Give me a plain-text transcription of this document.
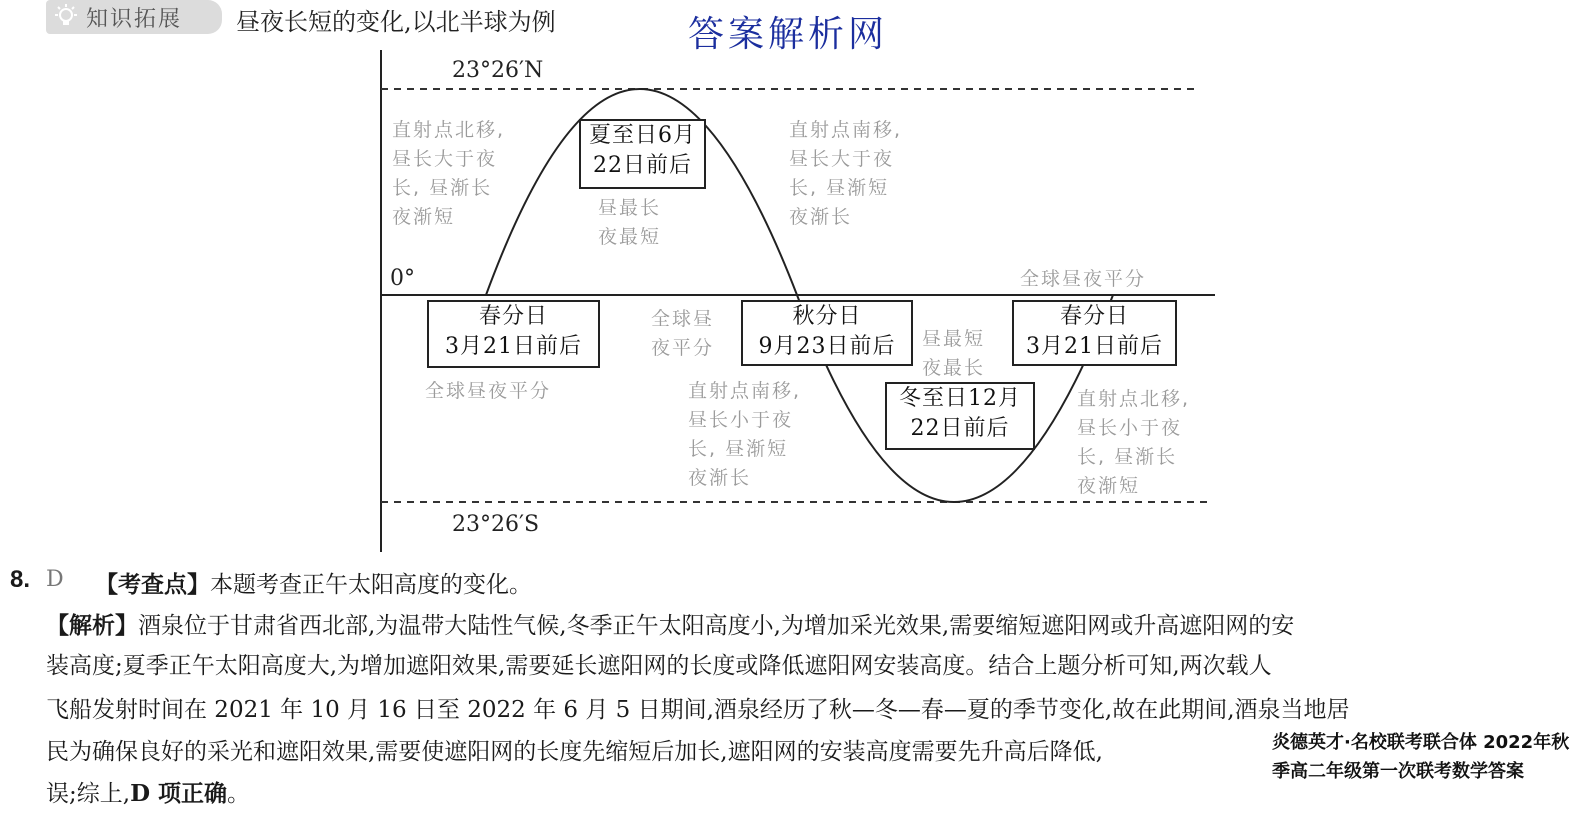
知识拓展 昼夜长短的变化,以北半球为例	答案解析网
23°26′N
0°
23°26′S
夏至日6月
22日前后
春分日
3月21日前后
秋分日
9月23日前后
冬至日12月
22日前后
春分日
3月21日前后
直射点北移,
昼长大于夜
长, 昼渐长
夜渐短	昼最长
夜最短
直射点南移,
昼长大于夜
长, 昼渐短
夜渐长
全球昼夜平分
全球昼夜平分
全球昼
夜平分	昼最短
夜最长
直射点南移,
昼长小于夜
长, 昼渐短
夜渐长
直射点北移,
昼长小于夜
长, 昼渐长
夜渐短
8. D 【考查点】本题考查正午太阳高度的变化。
【解析】酒泉位于甘肃省西北部,为温带大陆性气候,冬季正午太阳高度小,为增加采光效果,需要缩短遮阳网或升高遮阳网的安
装高度;夏季正午太阳高度大,为增加遮阳效果,需要延长遮阳网的长度或降低遮阳网安装高度。结合上题分析可知,两次载人
飞船发射时间在 2021 年 10 月 16 日至 2022 年 6 月 5 日期间,酒泉经历了秋—冬—春—夏的季节变化,故在此期间,酒泉当地居
民为确保良好的采光和遮阳效果,需要使遮阳网的长度先缩短后加长,遮阳网的安装高度需要先升高后降低,
误;综上,D 项正确。
炎德英才·名校联考联合体 2022年秋季高二年级第一次联考数学答案
